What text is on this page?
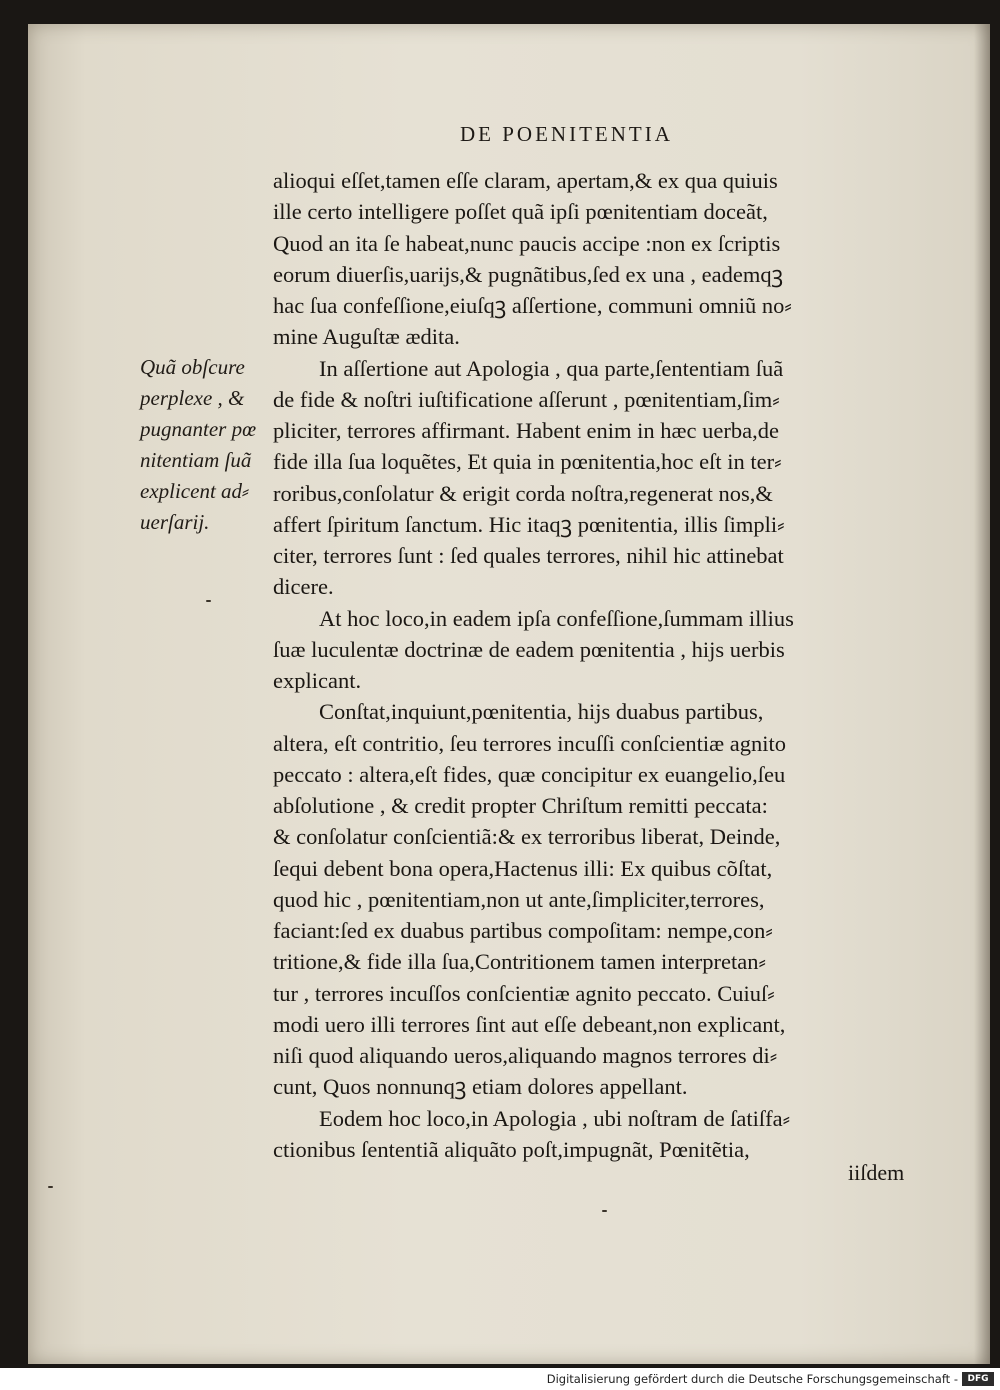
DE POENITENTIA
Quã obſcure
perplexe , &
pugnanter pœ
nitentiam ſuã
explicent ad⸗
uerſarij.
alioqui eſſet,tamen eſſe claram, apertam,& ex qua quiuis
ille certo intelligere poſſet quã ipſi pœnitentiam doceãt,
Quod an ita ſe habeat,nunc paucis accipe :non ex ſcriptis
eorum diuerſis,uarijs,& pugnãtibus,ſed ex una , eademqꝫ
hac ſua confeſſione,eiuſqꝫ aſſertione, communi omniũ no⸗
mine Auguſtæ ædita.
In aſſertione aut Apologia , qua parte,ſententiam ſuã
de fide & noſtri iuſtificatione aſſerunt , pœnitentiam,ſim⸗
pliciter, terrores affirmant. Habent enim in hæc uerba,de
fide illa ſua loquẽtes, Et quia in pœnitentia,hoc eſt in ter⸗
roribus,conſolatur & erigit corda noſtra,regenerat nos,&
affert ſpiritum ſanctum. Hic itaqꝫ pœnitentia, illis ſimpli⸗
citer, terrores ſunt : ſed quales terrores, nihil hic attinebat
dicere.
At hoc loco,in eadem ipſa confeſſione,ſummam illius
ſuæ luculentæ doctrinæ de eadem pœnitentia , hijs uerbis
explicant.
Conſtat,inquiunt,pœnitentia, hijs duabus partibus,
altera, eſt contritio, ſeu terrores incuſſi conſcientiæ agnito
peccato : altera,eſt fides, quæ concipitur ex euangelio,ſeu
abſolutione , & credit propter Chriſtum remitti peccata:
& conſolatur conſcientiã:& ex terroribus liberat, Deinde,
ſequi debent bona opera,Hactenus illi: Ex quibus cõſtat,
quod hic , pœnitentiam,non ut ante,ſimpliciter,terrores,
faciant:ſed ex duabus partibus compoſitam: nempe,con⸗
tritione,& fide illa ſua,Contritionem tamen interpretan⸗
tur , terrores incuſſos conſcientiæ agnito peccato. Cuiuſ⸗
modi uero illi terrores ſint aut eſſe debeant,non explicant,
niſi quod aliquando ueros,aliquando magnos terrores di⸗
cunt, Quos nonnunqꝫ etiam dolores appellant.
Eodem hoc loco,in Apologia , ubi noſtram de ſatiſfa⸗
ctionibus ſententiã aliquãto poſt,impugnãt, Pœnitẽtia,
iiſdem
Digitalisierung gefördert durch die Deutsche Forschungsgemeinschaft -	DFG
